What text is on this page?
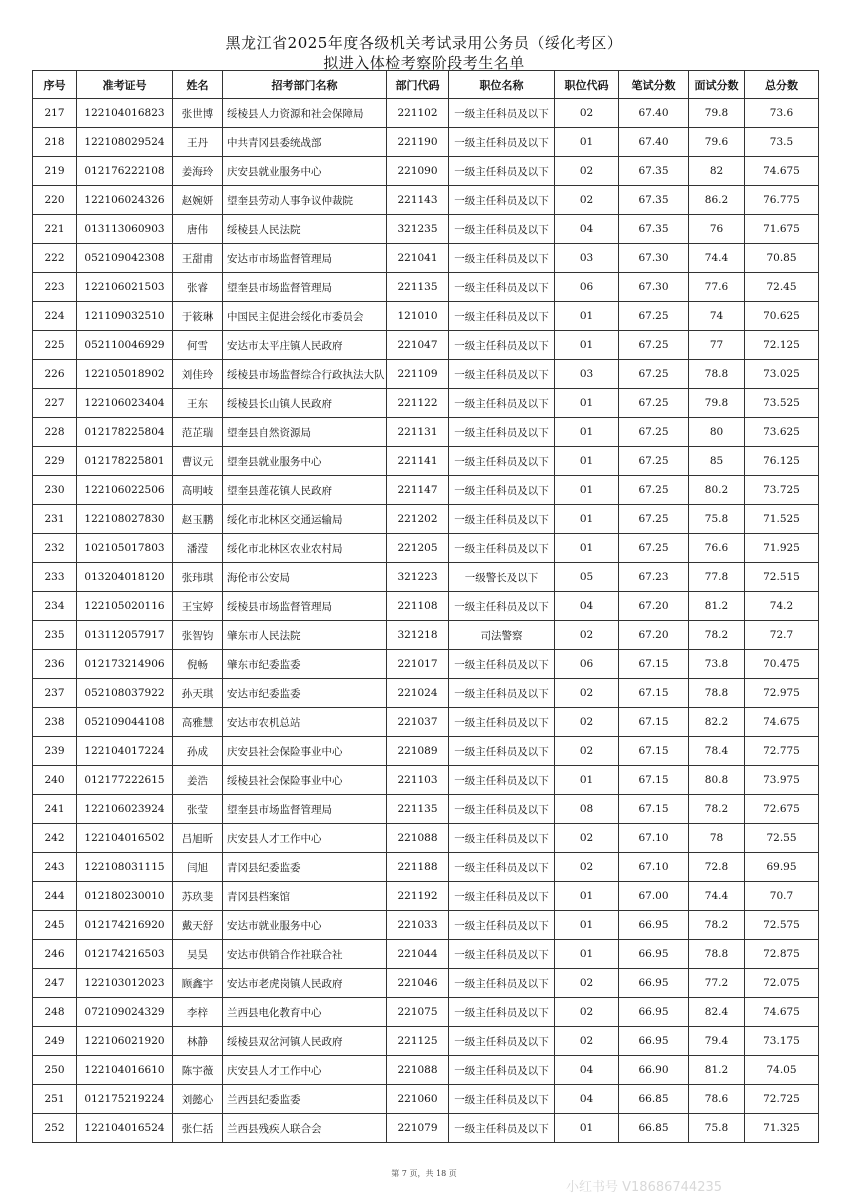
黑龙江省2025年度各级机关考试录用公务员（绥化考区）
拟进入体检考察阶段考生名单
序号	准考证号	姓名	招考部门名称	部门代码	职位名称	职位代码	笔试分数	面试分数	总分数
217	122104016823	张世博	绥棱县人力资源和社会保障局	221102	一级主任科员及以下	02	67.40	79.8	73.6
218	122108029524	王丹	中共青冈县委统战部	221190	一级主任科员及以下	01	67.40	79.6	73.5
219	012176222108	姜海玲	庆安县就业服务中心	221090	一级主任科员及以下	02	67.35	82	74.675
220	122106024326	赵婉妍	望奎县劳动人事争议仲裁院	221143	一级主任科员及以下	02	67.35	86.2	76.775
221	013113060903	唐伟	绥棱县人民法院	321235	一级主任科员及以下	04	67.35	76	71.675
222	052109042308	王甜甫	安达市市场监督管理局	221041	一级主任科员及以下	03	67.30	74.4	70.85
223	122106021503	张睿	望奎县市场监督管理局	221135	一级主任科员及以下	06	67.30	77.6	72.45
224	121109032510	于筱琳	中国民主促进会绥化市委员会	121010	一级主任科员及以下	01	67.25	74	70.625
225	052110046929	何雪	安达市太平庄镇人民政府	221047	一级主任科员及以下	01	67.25	77	72.125
226	122105018902	刘佳玲	绥棱县市场监督综合行政执法大队	221109	一级主任科员及以下	03	67.25	78.8	73.025
227	122106023404	王东	绥棱县长山镇人民政府	221122	一级主任科员及以下	01	67.25	79.8	73.525
228	012178225804	范芷瑞	望奎县自然资源局	221131	一级主任科员及以下	01	67.25	80	73.625
229	012178225801	曹议元	望奎县就业服务中心	221141	一级主任科员及以下	01	67.25	85	76.125
230	122106022506	高明岐	望奎县莲花镇人民政府	221147	一级主任科员及以下	01	67.25	80.2	73.725
231	122108027830	赵玉鹏	绥化市北林区交通运输局	221202	一级主任科员及以下	01	67.25	75.8	71.525
232	102105017803	潘滢	绥化市北林区农业农村局	221205	一级主任科员及以下	01	67.25	76.6	71.925
233	013204018120	张玮琪	海伦市公安局	321223	一级警长及以下	05	67.23	77.8	72.515
234	122105020116	王宝婷	绥棱县市场监督管理局	221108	一级主任科员及以下	04	67.20	81.2	74.2
235	013112057917	张智钧	肇东市人民法院	321218	司法警察	02	67.20	78.2	72.7
236	012173214906	倪畅	肇东市纪委监委	221017	一级主任科员及以下	06	67.15	73.8	70.475
237	052108037922	孙天琪	安达市纪委监委	221024	一级主任科员及以下	02	67.15	78.8	72.975
238	052109044108	高雅慧	安达市农机总站	221037	一级主任科员及以下	02	67.15	82.2	74.675
239	122104017224	孙成	庆安县社会保险事业中心	221089	一级主任科员及以下	02	67.15	78.4	72.775
240	012177222615	姜浩	绥棱县社会保险事业中心	221103	一级主任科员及以下	01	67.15	80.8	73.975
241	122106023924	张莹	望奎县市场监督管理局	221135	一级主任科员及以下	08	67.15	78.2	72.675
242	122104016502	吕旭昕	庆安县人才工作中心	221088	一级主任科员及以下	02	67.10	78	72.55
243	122108031115	闫旭	青冈县纪委监委	221188	一级主任科员及以下	02	67.10	72.8	69.95
244	012180230010	苏玖斐	青冈县档案馆	221192	一级主任科员及以下	01	67.00	74.4	70.7
245	012174216920	戴天舒	安达市就业服务中心	221033	一级主任科员及以下	01	66.95	78.2	72.575
246	012174216503	吴昊	安达市供销合作社联合社	221044	一级主任科员及以下	01	66.95	78.8	72.875
247	122103012023	顾鑫宇	安达市老虎岗镇人民政府	221046	一级主任科员及以下	02	66.95	77.2	72.075
248	072109024329	李梓	兰西县电化教育中心	221075	一级主任科员及以下	02	66.95	82.4	74.675
249	122106021920	林静	绥棱县双岔河镇人民政府	221125	一级主任科员及以下	02	66.95	79.4	73.175
250	122104016610	陈宇薇	庆安县人才工作中心	221088	一级主任科员及以下	04	66.90	81.2	74.05
251	012175219224	刘懿心	兰西县纪委监委	221060	一级主任科员及以下	04	66.85	78.6	72.725
252	122104016524	张仁括	兰西县残疾人联合会	221079	一级主任科员及以下	01	66.85	75.8	71.325
第 7 页，共 18 页
小红书号 V18686744235
